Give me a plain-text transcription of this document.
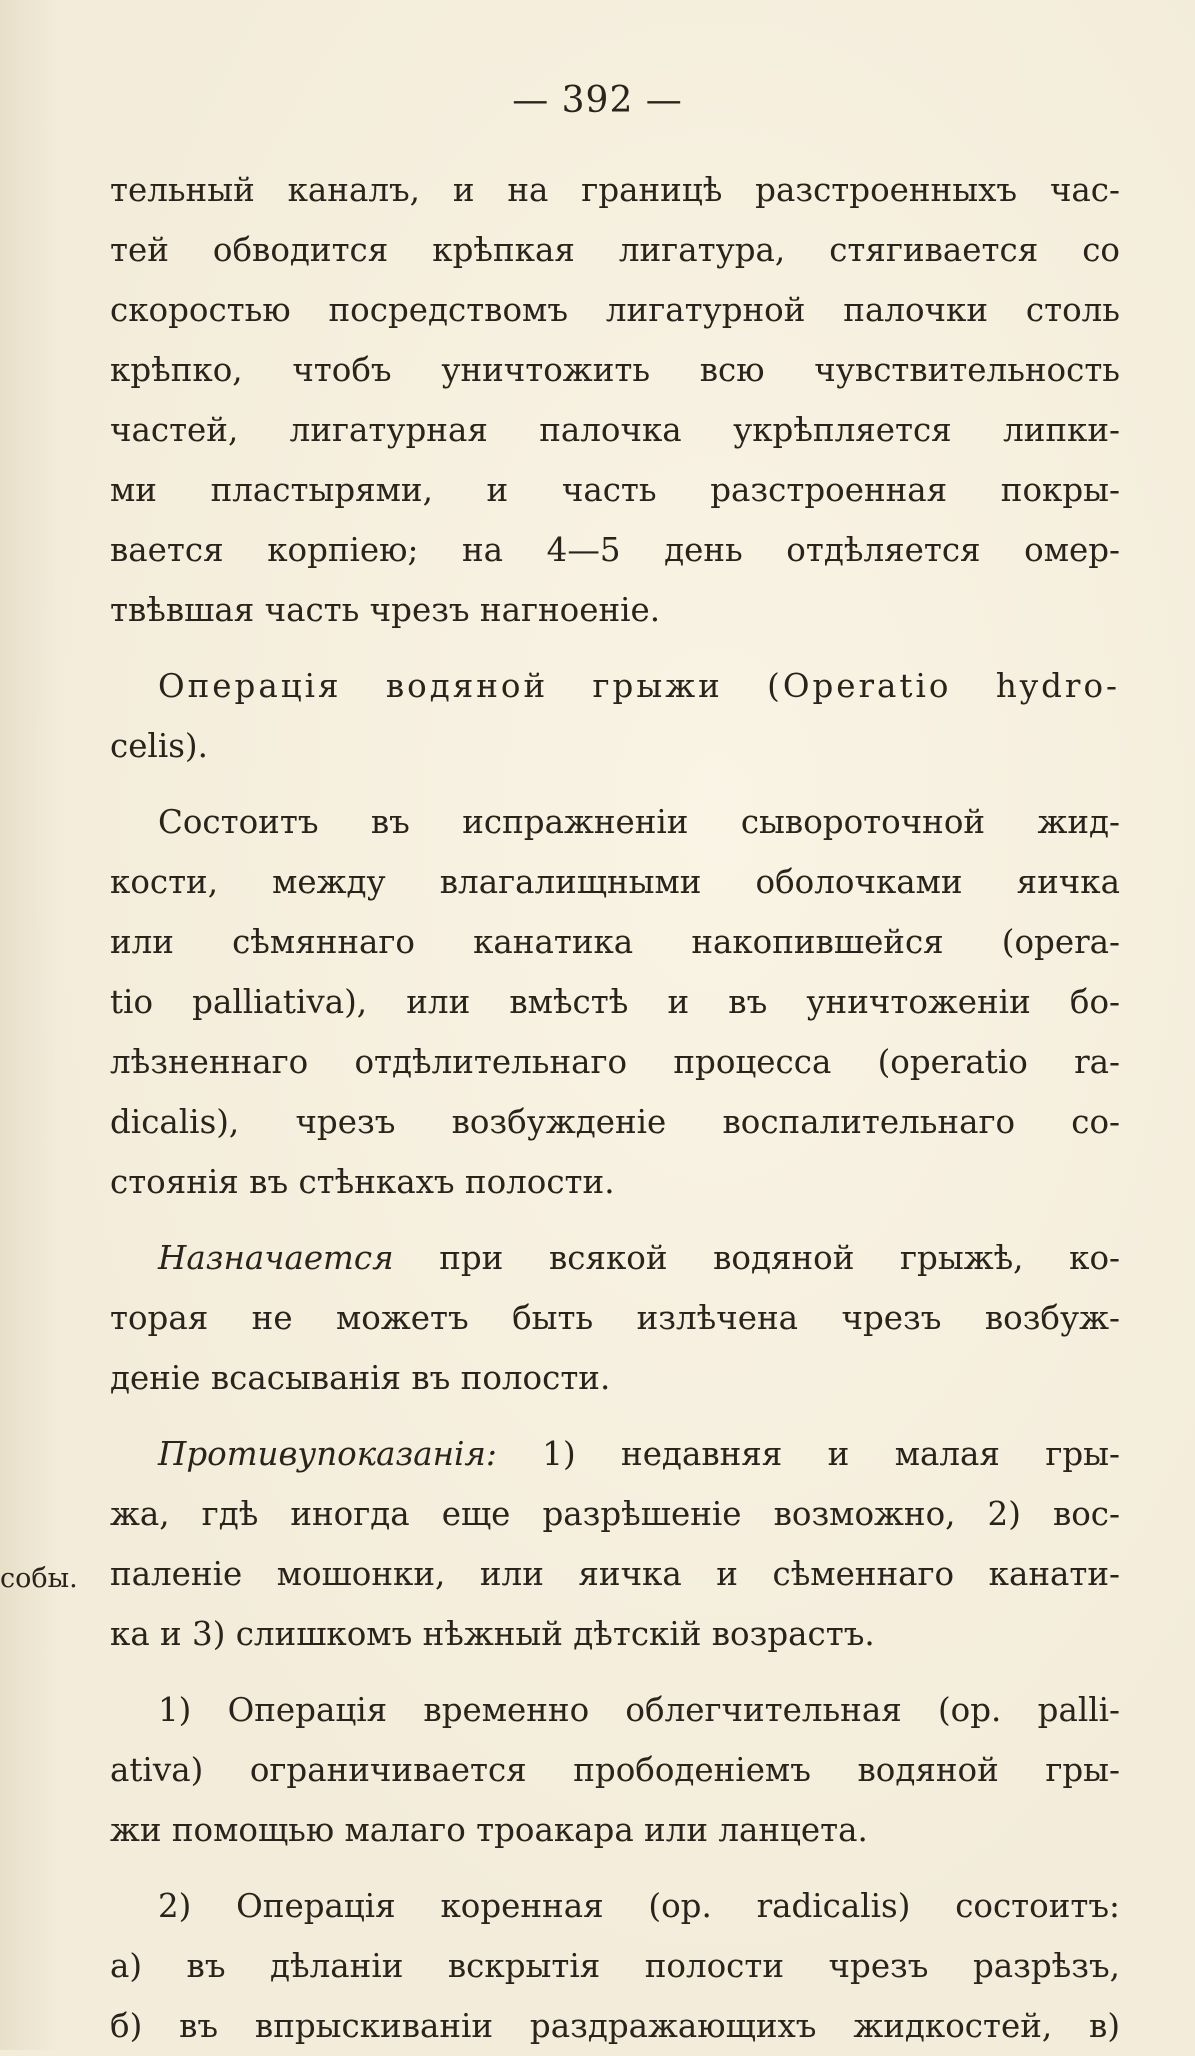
— 392 —
собы.
тельный каналъ, и на границѣ разстроенныхъ час-
тей обводится крѣпкая лигатура, стягивается со
скоростью посредствомъ лигатурной палочки столь
крѣпко, чтобъ уничтожить всю чувствительность
частей, лигатурная палочка укрѣпляется липки-
ми пластырями, и часть разстроенная покры-
вается корпіею; на 4—5 день отдѣляется омер-
твѣвшая часть чрезъ нагноеніе.
Операція водяной грыжи (Operatio hydro-
celis).
Состоитъ въ испражненіи сывороточной жид-
кости, между влагалищными оболочками яичка
или сѣмяннаго канатика накопившейся (opera-
tio palliativa), или вмѣстѣ и въ уничтоженіи бо-
лѣзненнаго отдѣлительнаго процесса (operatio ra-
dicalis), чрезъ возбужденіе воспалительнаго со-
стоянія въ стѣнкахъ полости.
Назначается при всякой водяной грыжѣ, ко-
торая не можетъ быть излѣчена чрезъ возбуж-
деніе всасыванія въ полости.
Противупоказанія: 1) недавняя и малая гры-
жа, гдѣ иногда еще разрѣшеніе возможно, 2) вос-
паленіе мошонки, или яичка и сѣменнаго канати-
ка и 3) слишкомъ нѣжный дѣтскій возрастъ.
1) Операція временно облегчительная (op. palli-
ativa) ограничивается прободеніемъ водяной гры-
жи помощью малаго троакара или ланцета.
2) Операція коренная (op. radicalis) состоитъ:
а) въ дѣланіи вскрытія полости чрезъ разрѣзъ,
б) въ впрыскиваніи раздражающихъ жидкостей, в)
